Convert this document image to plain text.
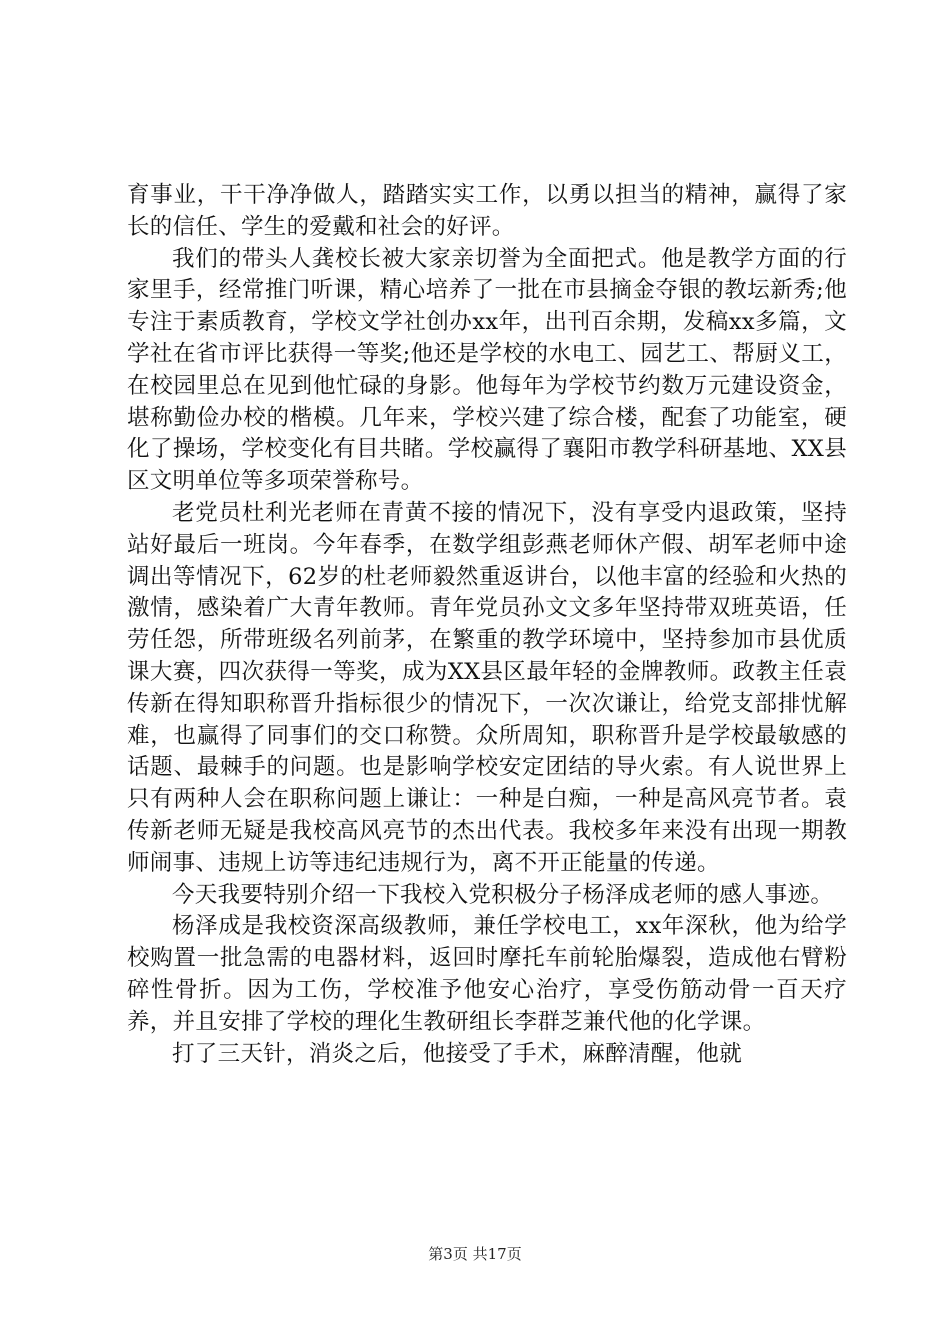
育事业，干干净净做人，踏踏实实工作，以勇以担当的精神，赢得了家长的信任、学生的爱戴和社会的好评。

我们的带头人龚校长被大家亲切誉为全面把式。他是教学方面的行家里手，经常推门听课，精心培养了一批在市县摘金夺银的教坛新秀;他专注于素质教育，学校文学社创办xx年，出刊百余期，发稿xx多篇，文学社在省市评比获得一等奖;他还是学校的水电工、园艺工、帮厨义工，在校园里总在见到他忙碌的身影。他每年为学校节约数万元建设资金，堪称勤俭办校的楷模。几年来，学校兴建了综合楼，配套了功能室，硬化了操场，学校变化有目共睹。学校赢得了襄阳市教学科研基地、XX县区文明单位等多项荣誉称号。

老党员杜利光老师在青黄不接的情况下，没有享受内退政策，坚持站好最后一班岗。今年春季，在数学组彭燕老师休产假、胡军老师中途调出等情况下，62岁的杜老师毅然重返讲台，以他丰富的经验和火热的激情，感染着广大青年教师。青年党员孙文文多年坚持带双班英语，任劳任怨，所带班级名列前茅，在繁重的教学环境中，坚持参加市县优质课大赛，四次获得一等奖，成为XX县区最年轻的金牌教师。政教主任袁传新在得知职称晋升指标很少的情况下，一次次谦让，给党支部排忧解难，也赢得了同事们的交口称赞。众所周知，职称晋升是学校最敏感的话题、最棘手的问题。也是影响学校安定团结的导火索。有人说世界上只有两种人会在职称问题上谦让：一种是白痴，一种是高风亮节者。袁传新老师无疑是我校高风亮节的杰出代表。我校多年来没有出现一期教师闹事、违规上访等违纪违规行为，离不开正能量的传递。

今天我要特别介绍一下我校入党积极分子杨泽成老师的感人事迹。

杨泽成是我校资深高级教师，兼任学校电工，xx年深秋，他为给学校购置一批急需的电器材料，返回时摩托车前轮胎爆裂，造成他右臂粉碎性骨折。因为工伤，学校准予他安心治疗，享受伤筋动骨一百天疗养，并且安排了学校的理化生教研组长李群芝兼代他的化学课。

打了三天针，消炎之后，他接受了手术，麻醉清醒，他就

第3页 共17页
